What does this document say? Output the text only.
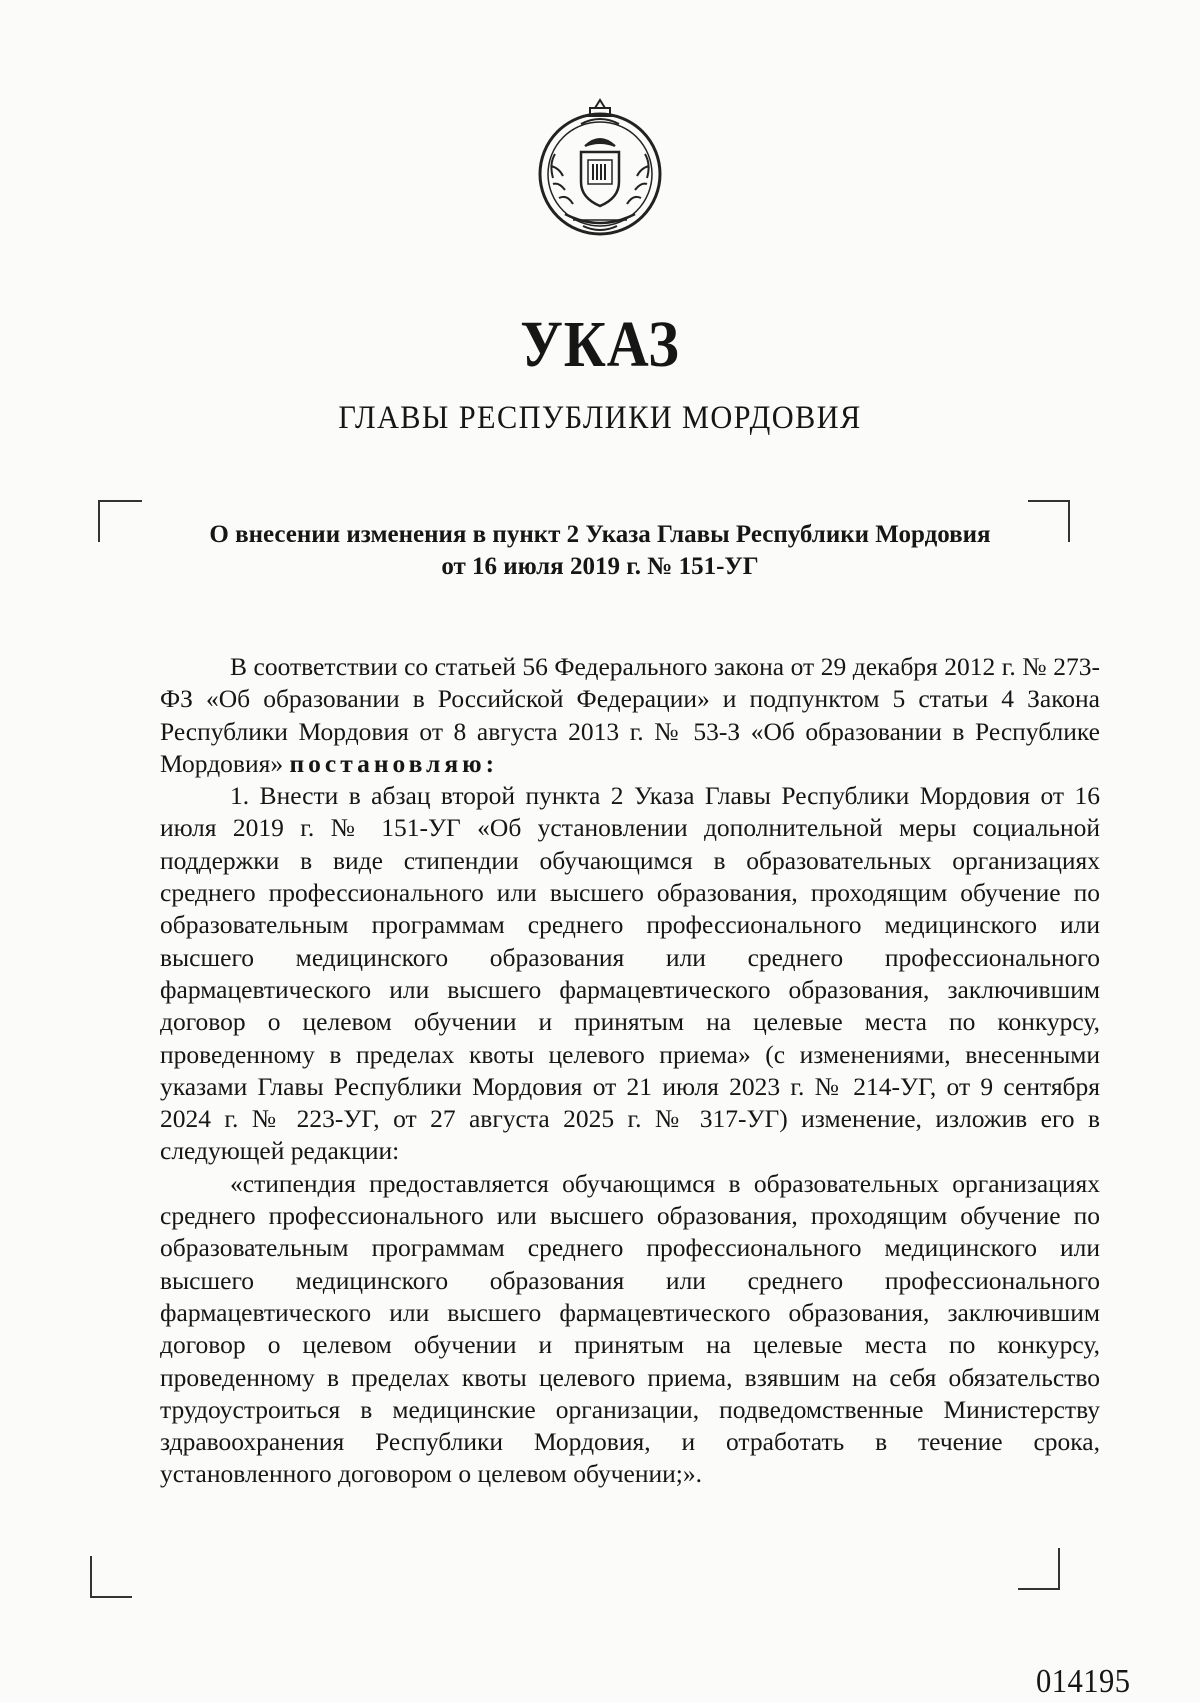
УКАЗ
ГЛАВЫ РЕСПУБЛИКИ МОРДОВИЯ
О внесении изменения в пункт 2 Указа Главы Республики Мордовия
от 16 июля 2019 г. № 151-УГ

В соответствии со статьей 56 Федерального закона от 29 декабря 2012 г. № 273-ФЗ «Об образовании в Российской Федерации» и подпунктом 5 статьи 4 Закона Республики Мордовия от 8 августа 2013 г. № 53-З «Об образовании в Республике Мордовия» постановляю:

1. Внести в абзац второй пункта 2 Указа Главы Республики Мордовия от 16 июля 2019 г. № 151-УГ «Об установлении дополнительной меры социальной поддержки в виде стипендии обучающимся в образовательных организациях среднего профессионального или высшего образования, проходящим обучение по образовательным программам среднего профессионального медицинского или высшего медицинского образования или среднего профессионального фармацевтического или высшего фармацевтического образования, заключившим договор о целевом обучении и принятым на целевые места по конкурсу, проведенному в пределах квоты целевого приема» (с изменениями, внесенными указами Главы Республики Мордовия от 21 июля 2023 г. № 214-УГ, от 9 сентября 2024 г. № 223-УГ, от 27 августа 2025 г. № 317-УГ) изменение, изложив его в следующей редакции:

«стипендия предоставляется обучающимся в образовательных организациях среднего профессионального или высшего образования, проходящим обучение по образовательным программам среднего профессионального медицинского или высшего медицинского образования или среднего профессионального фармацевтического или высшего фармацевтического образования, заключившим договор о целевом обучении и принятым на целевые места по конкурсу, проведенному в пределах квоты целевого приема, взявшим на себя обязательство трудоустроиться в медицинские организации, подведомственные Министерству здравоохранения Республики Мордовия, и отработать в течение срока, установленного договором о целевом обучении;».

014195
